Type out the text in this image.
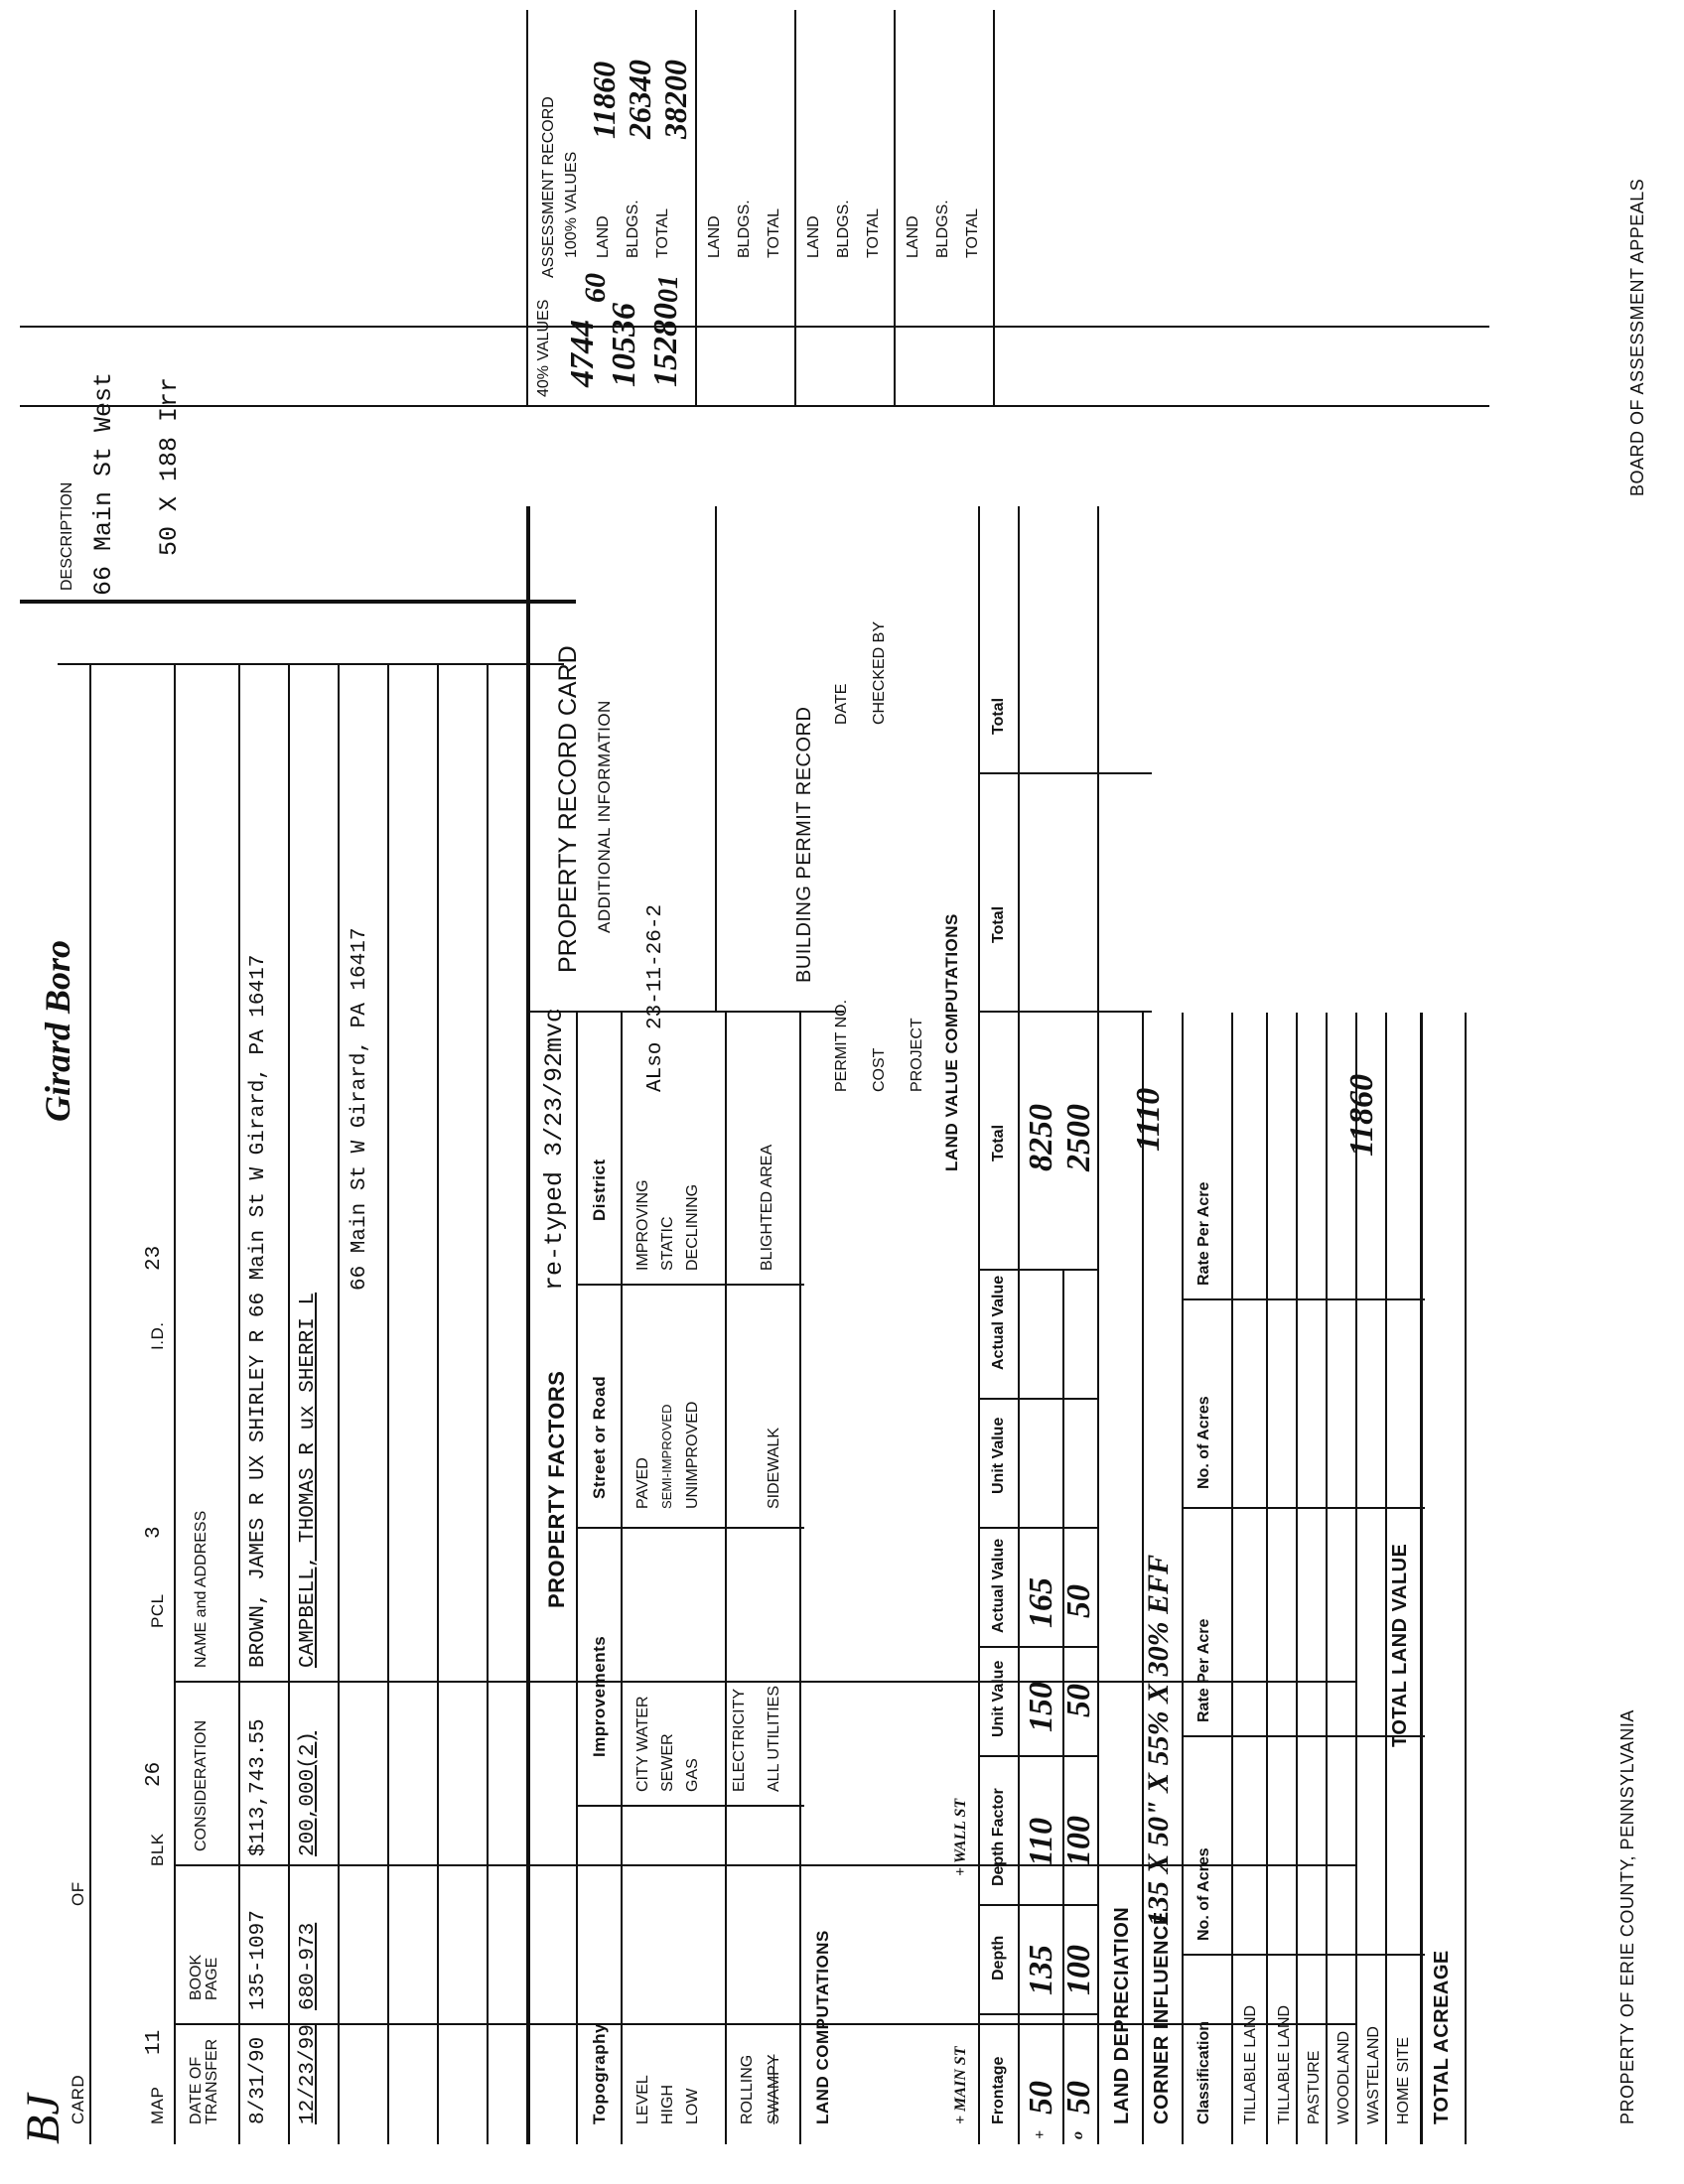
Girard Boro
BJ
DESCRIPTION 66 Main St West 50 X 188 Irr
MAP
11
CARD
OF
BLK
26
PCL
3
I.D.
23
DATE OF TRANSFER
BOOK PAGE
CONSIDERATION
NAME and ADDRESS
8/31/90
135-1097
$113,743.55
BROWN, JAMES R UX SHIRLEY R 66 Main St W Girard, PA 16417
12/23/99
680-973
200,000(2)
CAMPBELL, THOMAS R ux SHERRI L
66 Main St W Girard, PA 16417
PROPERTY FACTORS
re-typed 3/23/92mvc
Topography
Improvements
Street or Road
District
LEVEL HIGH LOW ROLLING SWAMPY
CITY WATER SEWER GAS ELECTRICITY ALL UTILITIES
PAVED SEMI-IMPROVED UNIMPROVED	SIDEWALK
IMPROVING STATIC DECLINING	BLIGHTED AREA
PROPERTY RECORD CARD ADDITIONAL INFORMATION
ALso 23-11-26-2
BUILDING PERMIT RECORD
PERMIT NO.
DATE
COST
CHECKED BY
PROJECT
LAND COMPUTATIONS
LAND VALUE COMPUTATIONS
+ MAIN ST
+ WALL ST
Frontage
Depth
Depth Factor
Unit Value
Actual Value
Unit Value
Actual Value
Total
Total
Total
+
50
135
110
150
165
8250
o
50
100
100
50
50
2500
LAND DEPRECIATION CORNER INFLUENCE
135 X 50" X 55% X 30% EFF
1110
Classification
No. of Acres
Rate Per Acre
No. of Acres
Rate Per Acre
TILLABLE LAND TILLABLE LAND PASTURE WOODLAND WASTELAND HOME SITE TOTAL ACREAGE
TOTAL LAND VALUE
11860
40% VALUES 4744 10536 15280
60 01
ASSESSMENT RECORD 100% VALUES LAND BLDGS. TOTAL
11860 26340 38200
LAND BLDGS. TOTAL LAND BLDGS. TOTAL LAND BLDGS. TOTAL
PROPERTY OF ERIE COUNTY, PENNSYLVANIA
BOARD OF ASSESSMENT APPEALS
